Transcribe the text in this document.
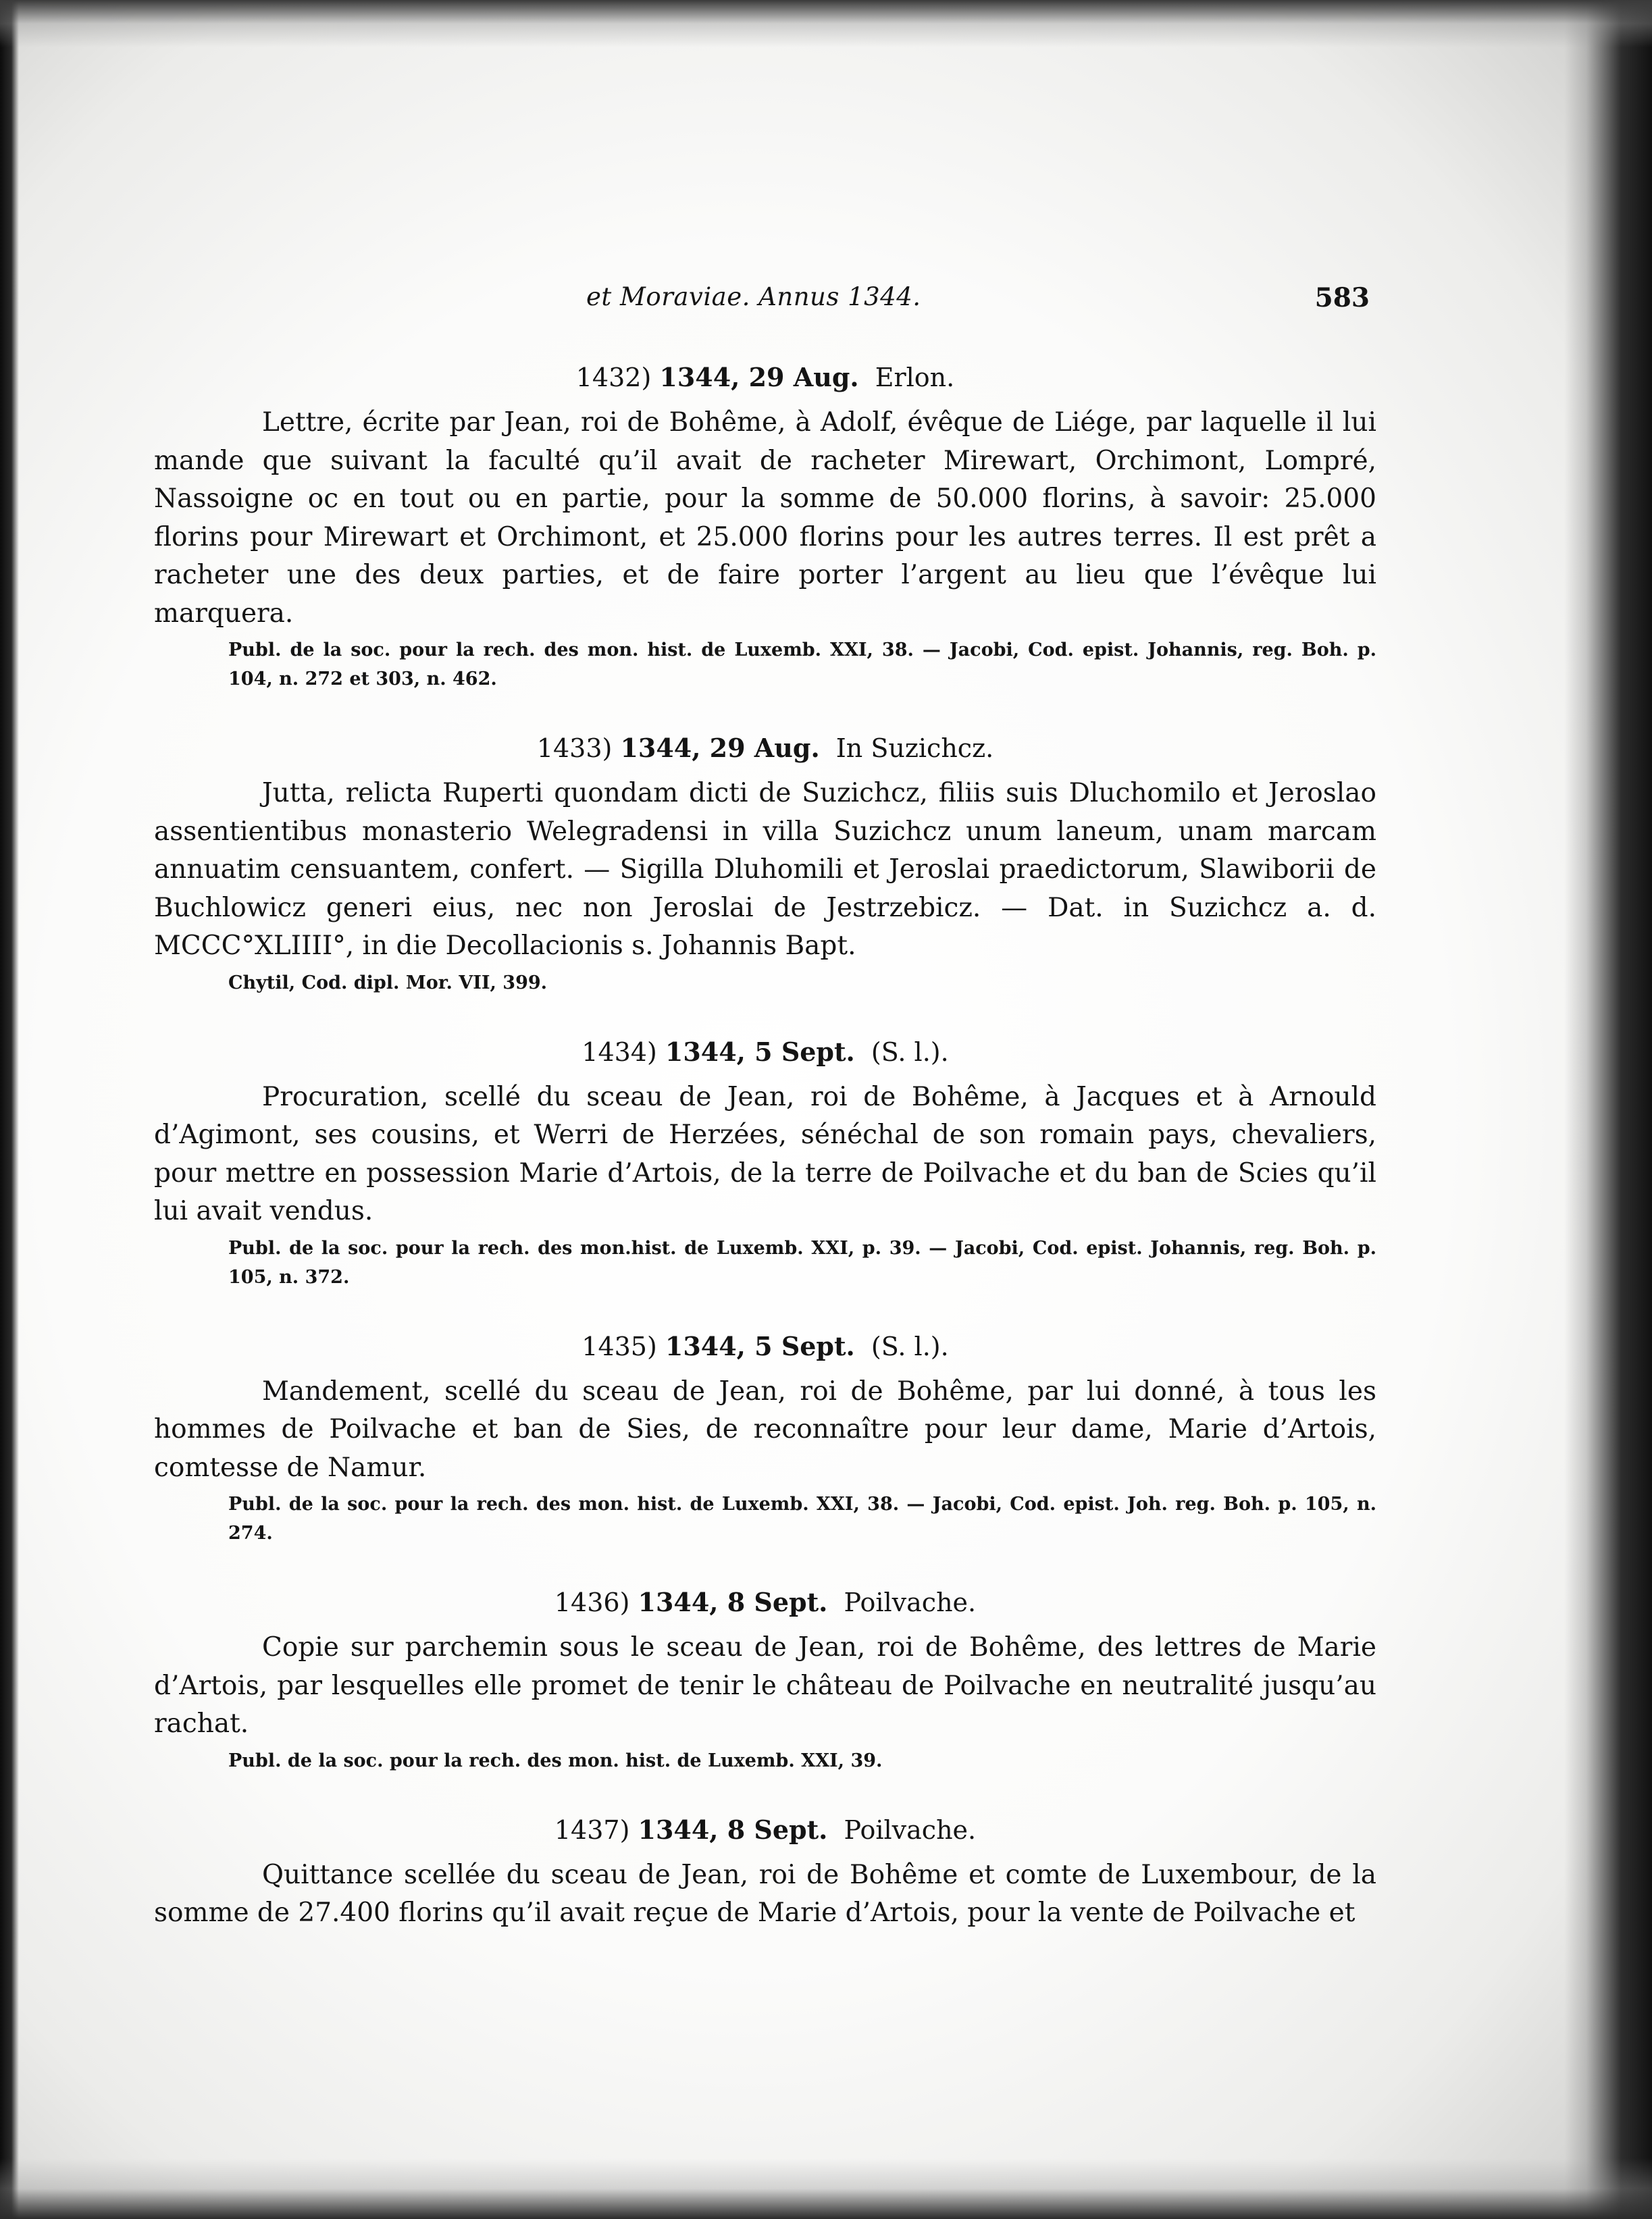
et Moraviae. Annus 1344.	583
1432) 1344, 29 Aug. Erlon.

Lettre, écrite par Jean, roi de Bohême, à Adolf, évêque de Liége, par laquelle il lui mande que suivant la faculté qu’il avait de racheter Mirewart, Orchimont, Lompré, Nassoigne oc en tout ou en partie, pour la somme de 50.000 florins, à savoir: 25.000 florins pour Mirewart et Orchimont, et 25.000 florins pour les autres terres. Il est prêt a racheter une des deux parties, et de faire porter l’argent au lieu que l’évêque lui marquera.

Publ. de la soc. pour la rech. des mon. hist. de Luxemb. XXI, 38. — Jacobi, Cod. epist. Johannis, reg. Boh. p. 104, n. 272 et 303, n. 462.
1433) 1344, 29 Aug. In Suzichcz.

Jutta, relicta Ruperti quondam dicti de Suzichcz, filiis suis Dluchomilo et Jeroslao assentientibus monasterio Welegradensi in villa Suzichcz unum laneum, unam marcam annuatim censuantem, confert. — Sigilla Dluhomili et Jeroslai praedictorum, Slawiborii de Buchlowicz generi eius, nec non Jeroslai de Jestrzebicz. — Dat. in Suzichcz a. d. MCCC°XLIIII°, in die Decollacionis s. Johannis Bapt.

Chytil, Cod. dipl. Mor. VII, 399.
1434) 1344, 5 Sept. (S. l.).

Procuration, scellé du sceau de Jean, roi de Bohême, à Jacques et à Arnould d’Agimont, ses cousins, et Werri de Herzées, sénéchal de son romain pays, chevaliers, pour mettre en possession Marie d’Artois, de la terre de Poilvache et du ban de Scies qu’il lui avait vendus.

Publ. de la soc. pour la rech. des mon.hist. de Luxemb. XXI, p. 39. — Jacobi, Cod. epist. Johannis, reg. Boh. p. 105, n. 372.
1435) 1344, 5 Sept. (S. l.).

Mandement, scellé du sceau de Jean, roi de Bohême, par lui donné, à tous les hommes de Poilvache et ban de Sies, de reconnaître pour leur dame, Marie d’Artois, comtesse de Namur.

Publ. de la soc. pour la rech. des mon. hist. de Luxemb. XXI, 38. — Jacobi, Cod. epist. Joh. reg. Boh. p. 105, n. 274.
1436) 1344, 8 Sept. Poilvache.

Copie sur parchemin sous le sceau de Jean, roi de Bohême, des lettres de Marie d’Artois, par lesquelles elle promet de tenir le château de Poilvache en neutralité jusqu’au rachat.

Publ. de la soc. pour la rech. des mon. hist. de Luxemb. XXI, 39.
1437) 1344, 8 Sept. Poilvache.

Quittance scellée du sceau de Jean, roi de Bohême et comte de Luxembour, de la somme de 27.400 florins qu’il avait reçue de Marie d’Artois, pour la vente de Poilvache et
